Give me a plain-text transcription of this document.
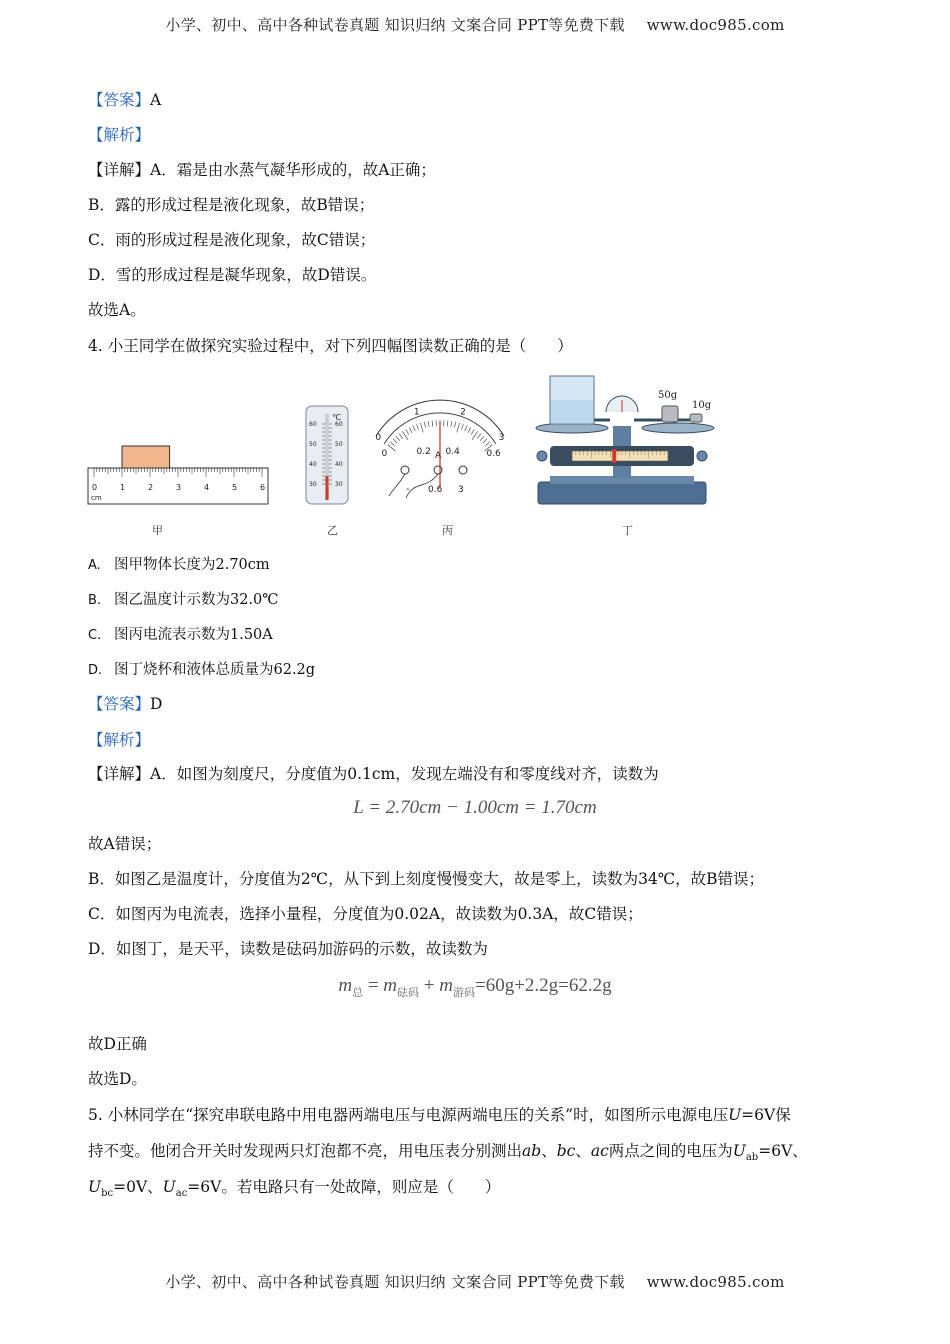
小学、初中、高中各种试卷真题 知识归纳 文案合同 PPT等免费下载 www.doc985.com
【答案】A
【解析】
【详解】A．霜是由水蒸气凝华形成的，故A正确；
B．露的形成过程是液化现象，故B错误；
C．雨的形成过程是液化现象，故C错误；
D．雪的形成过程是凝华现象，故D错误。
故选A。
4. 小王同学在做探究实验过程中，对下列四幅图读数正确的是（　　）
0	1	2	3	4	5	6
cm
℃
60	60
50	50
40	40
30	30
0
1	2
3
0	0.2 0.4	0.6
A
- 0.6 3
50g
10g
甲	乙	丙	丁
A. 图甲物体长度为2.70cm
B. 图乙温度计示数为32.0℃
C. 图丙电流表示数为1.50A
D. 图丁烧杯和液体总质量为62.2g
【答案】D
【解析】
【详解】A．如图为刻度尺，分度值为0.1cm，发现左端没有和零度线对齐，读数为
L = 2.70cm − 1.00cm = 1.70cm
故A错误；
B．如图乙是温度计，分度值为2℃，从下到上刻度慢慢变大，故是零上，读数为34℃，故B错误；
C．如图丙为电流表，选择小量程，分度值为0.02A，故读数为0.3A，故C错误；
D．如图丁，是天平，读数是砝码加游码的示数，故读数为
$m_总 = m_{砝码} + m_{游码}=60g+2.2g=62.2g$
故D正确
故选D。
5. 小林同学在“探究串联电路中用电器两端电压与电源两端电压的关系”时，如图所示电源电压U=6V保
持不变。他闭合开关时发现两只灯泡都不亮，用电压表分别测出ab、bc、ac两点之间的电压为$U_{ab}=6V$、
$U_{bc}=0V$、$U_{ac}=6V$。若电路只有一处故障，则应是（　　）
小学、初中、高中各种试卷真题 知识归纳 文案合同 PPT等免费下载 www.doc985.com
